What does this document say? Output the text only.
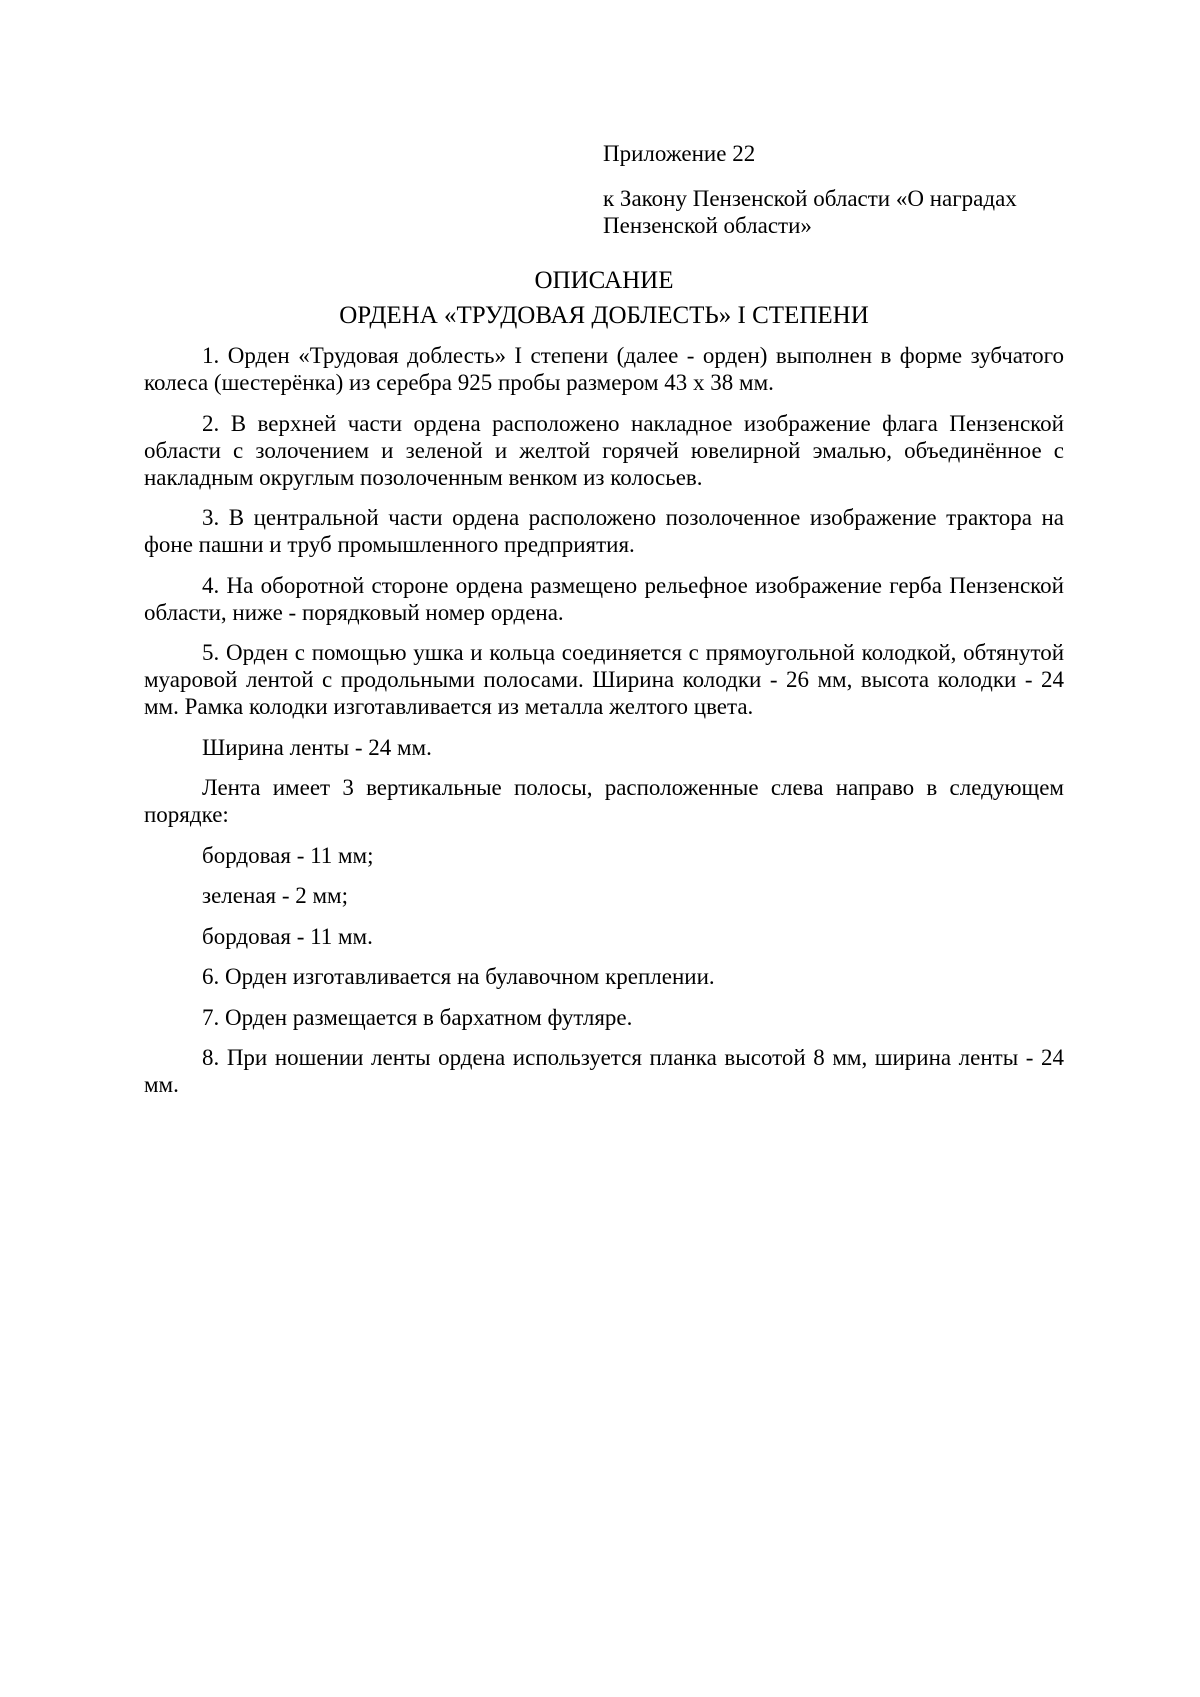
Приложение 22
к Закону Пензенской области «О наградах Пензенской области»
ОПИСАНИЕ
ОРДЕНА «ТРУДОВАЯ ДОБЛЕСТЬ» I СТЕПЕНИ

1. Орден «Трудовая доблесть» I степени (далее - орден) выполнен в форме зубчатого колеса (шестерёнка) из серебра 925 пробы размером 43 х 38 мм.

2. В верхней части ордена расположено накладное изображение флага Пензенской области с золочением и зеленой и желтой горячей ювелирной эмалью, объединённое с накладным округлым позолоченным венком из колосьев.

3. В центральной части ордена расположено позолоченное изображение трактора на фоне пашни и труб промышленного предприятия.

4. На оборотной стороне ордена размещено рельефное изображение герба Пензенской области, ниже - порядковый номер ордена.

5. Орден с помощью ушка и кольца соединяется с прямоугольной колодкой, обтянутой муаровой лентой с продольными полосами. Ширина колодки - 26 мм, высота колодки - 24 мм. Рамка колодки изготавливается из металла желтого цвета.

Ширина ленты - 24 мм.

Лента имеет 3 вертикальные полосы, расположенные слева направо в следующем порядке:

бордовая - 11 мм;

зеленая - 2 мм;

бордовая - 11 мм.

6. Орден изготавливается на булавочном креплении.

7. Орден размещается в бархатном футляре.

8. При ношении ленты ордена используется планка высотой 8 мм, ширина ленты - 24 мм.
